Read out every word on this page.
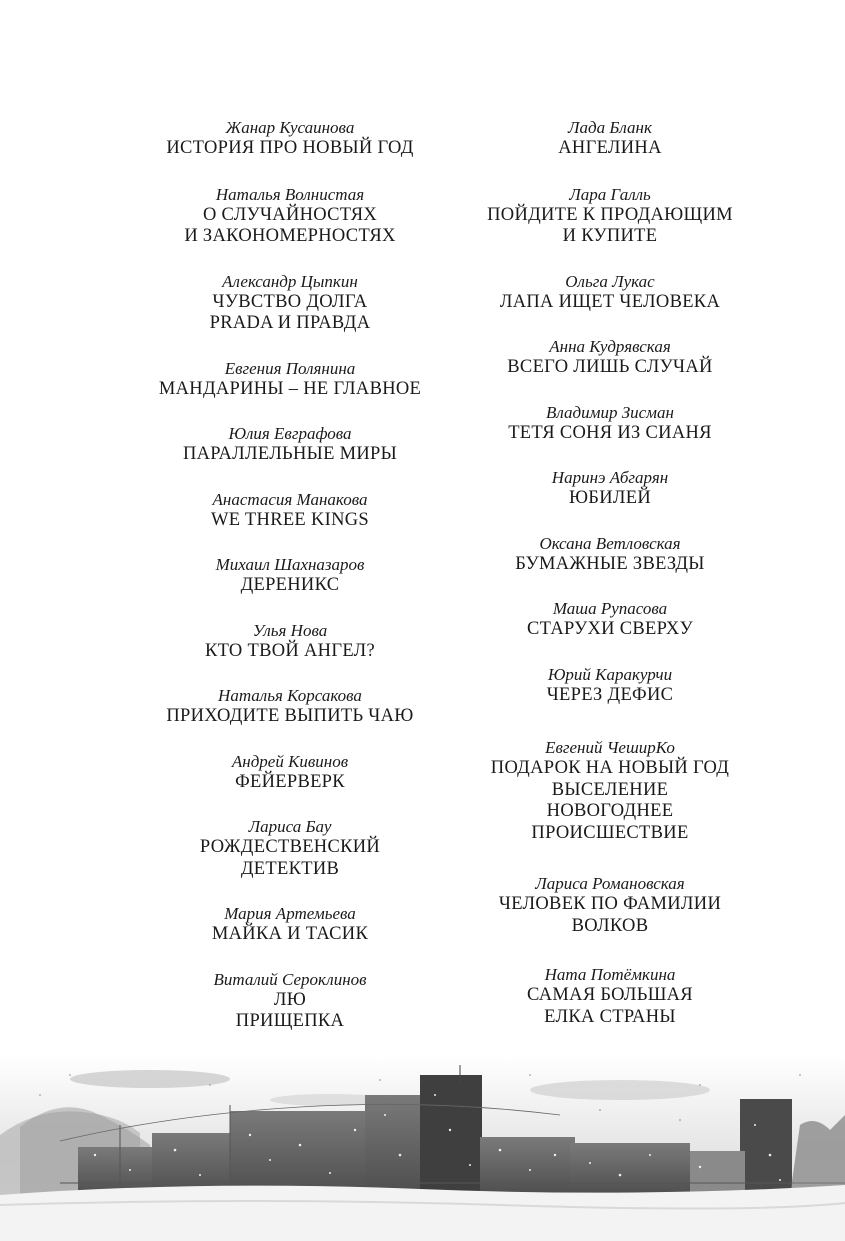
Жанар Кусаинова
ИСТОРИЯ ПРО НОВЫЙ ГОД
Наталья Волнистая
О СЛУЧАЙНОСТЯХ
И ЗАКОНОМЕРНОСТЯХ
Александр Цыпкин
ЧУВСТВО ДОЛГА
PRADA И ПРАВДА
Евгения Полянина
МАНДАРИНЫ – НЕ ГЛАВНОЕ
Юлия Евграфова
ПАРАЛЛЕЛЬНЫЕ МИРЫ
Анастасия Манакова
WE THREE KINGS
Михаил Шахназаров
ДЕРЕНИКС
Улья Нова
КТО ТВОЙ АНГЕЛ?
Наталья Корсакова
ПРИХОДИТЕ ВЫПИТЬ ЧАЮ
Андрей Кивинов
ФЕЙЕРВЕРК
Лариса Бау
РОЖДЕСТВЕНСКИЙ
ДЕТЕКТИВ
Мария Артемьева
МАЙКА И ТАСИК
Виталий Сероклинов
ЛЮ
ПРИЩЕПКА
Лада Бланк
АНГЕЛИНА
Лара Галль
ПОЙДИТЕ К ПРОДАЮЩИМ
И КУПИТЕ
Ольга Лукас
ЛАПА ИЩЕТ ЧЕЛОВЕКА
Анна Кудрявская
ВСЕГО ЛИШЬ СЛУЧАЙ
Владимир Зисман
ТЕТЯ СОНЯ ИЗ СИАНЯ
Наринэ Абгарян
ЮБИЛЕЙ
Оксана Ветловская
БУМАЖНЫЕ ЗВЕЗДЫ
Маша Рупасова
СТАРУХИ СВЕРХУ
Юрий Каракурчи
ЧЕРЕЗ ДЕФИС
Евгений ЧеширКо
ПОДАРОК НА НОВЫЙ ГОД
ВЫСЕЛЕНИЕ
НОВОГОДНЕЕ
ПРОИСШЕСТВИЕ
Лариса Романовская
ЧЕЛОВЕК ПО ФАМИЛИИ
ВОЛКОВ
Ната Потёмкина
САМАЯ БОЛЬШАЯ
ЕЛКА СТРАНЫ
